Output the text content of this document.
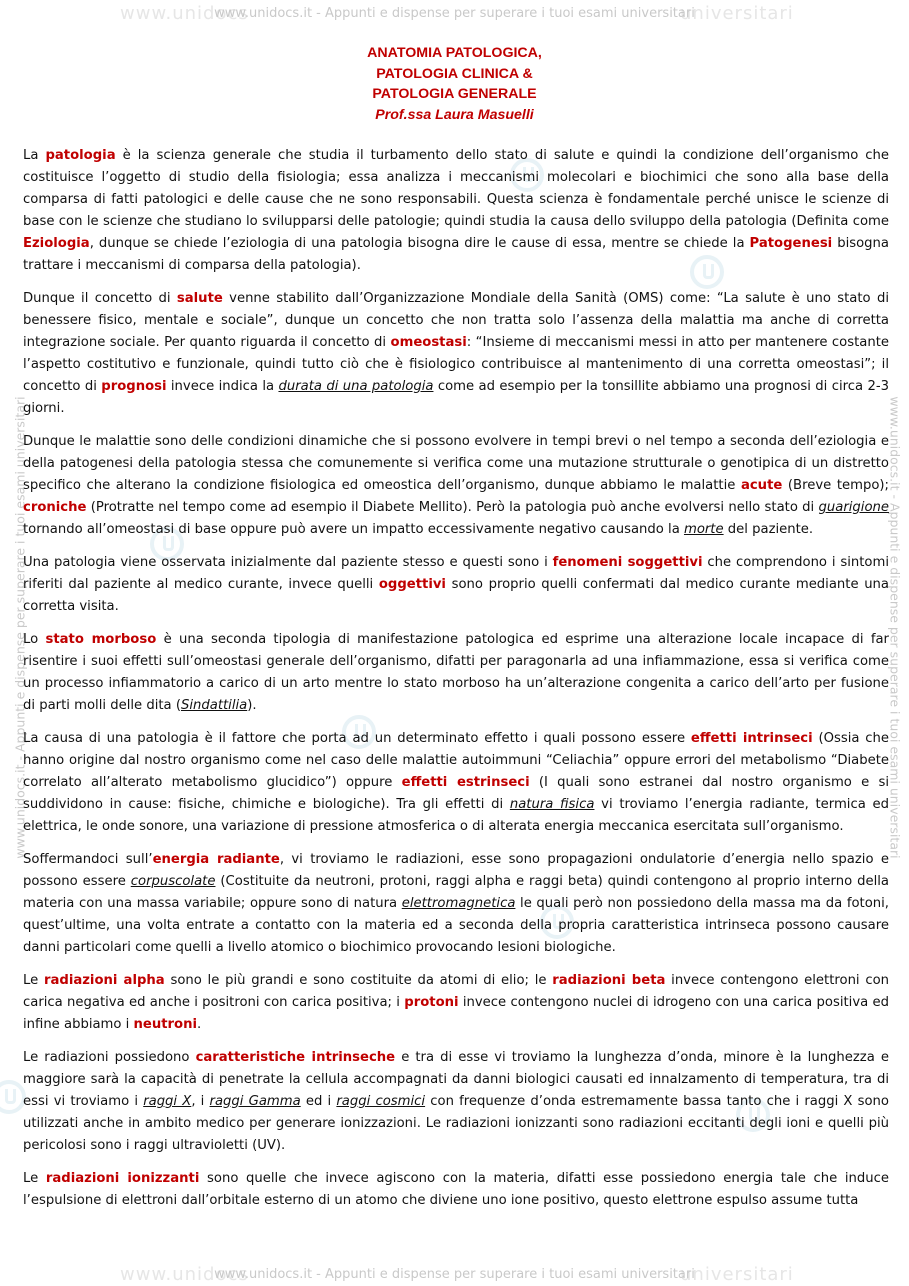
www.unidocs	universitari
www.unidocs.it - Appunti e dispense per superare i tuoi esami universitari
www.unidocs	universitari
www.unidocs.it - Appunti e dispense per superare i tuoi esami universitari
www.unidocs.it - Appunti e dispense per superare i tuoi esami universitari	www.unidocs.it - Appunti e dispense per superare i tuoi esami universitari
ANATOMIA PATOLOGICA,
PATOLOGIA CLINICA &
PATOLOGIA GENERALE
Prof.ssa Laura Masuelli

La patologia è la scienza generale che studia il turbamento dello stato di salute e quindi la condizione dell’organismo che costituisce l’oggetto di studio della fisiologia; essa analizza i meccanismi molecolari e biochimici che sono alla base della comparsa di fatti patologici e delle cause che ne sono responsabili. Questa scienza è fondamentale perché unisce le scienze di base con le scienze che studiano lo svilupparsi delle patologie; quindi studia la causa dello sviluppo della patologia (Definita come Eziologia, dunque se chiede l’eziologia di una patologia bisogna dire le cause di essa, mentre se chiede la Patogenesi bisogna trattare i meccanismi di comparsa della patologia).

Dunque il concetto di salute venne stabilito dall’Organizzazione Mondiale della Sanità (OMS) come: “La salute è uno stato di benessere fisico, mentale e sociale”, dunque un concetto che non tratta solo l’assenza della malattia ma anche di corretta integrazione sociale. Per quanto riguarda il concetto di omeostasi: “Insieme di meccanismi messi in atto per mantenere costante l’aspetto costitutivo e funzionale, quindi tutto ciò che è fisiologico contribuisce al mantenimento di una corretta omeostasi”; il concetto di prognosi invece indica la durata di una patologia come ad esempio per la tonsillite abbiamo una prognosi di circa 2-3 giorni.

Dunque le malattie sono delle condizioni dinamiche che si possono evolvere in tempi brevi o nel tempo a seconda dell’eziologia e della patogenesi della patologia stessa che comunemente si verifica come una mutazione strutturale o genotipica di un distretto specifico che alterano la condizione fisiologica ed omeostica dell’organismo, dunque abbiamo le malattie acute (Breve tempo); croniche (Protratte nel tempo come ad esempio il Diabete Mellito). Però la patologia può anche evolversi nello stato di guarigione tornando all’omeostasi di base oppure può avere un impatto eccessivamente negativo causando la morte del paziente.

Una patologia viene osservata inizialmente dal paziente stesso e questi sono i fenomeni soggettivi che comprendono i sintomi riferiti dal paziente al medico curante, invece quelli oggettivi sono proprio quelli confermati dal medico curante mediante una corretta visita.

Lo stato morboso è una seconda tipologia di manifestazione patologica ed esprime una alterazione locale incapace di far risentire i suoi effetti sull’omeostasi generale dell’organismo, difatti per paragonarla ad una infiammazione, essa si verifica come un processo infiammatorio a carico di un arto mentre lo stato morboso ha un’alterazione congenita a carico dell’arto per fusione di parti molli delle dita (Sindattilia).

La causa di una patologia è il fattore che porta ad un determinato effetto i quali possono essere effetti intrinseci (Ossia che hanno origine dal nostro organismo come nel caso delle malattie autoimmuni “Celiachia” oppure errori del metabolismo “Diabete correlato all’alterato metabolismo glucidico”) oppure effetti estrinseci (I quali sono estranei dal nostro organismo e si suddividono in cause: fisiche, chimiche e biologiche). Tra gli effetti di natura fisica vi troviamo l’energia radiante, termica ed elettrica, le onde sonore, una variazione di pressione atmosferica o di alterata energia meccanica esercitata sull’organismo.

Soffermandoci sull’energia radiante, vi troviamo le radiazioni, esse sono propagazioni ondulatorie d’energia nello spazio e possono essere corpuscolate (Costituite da neutroni, protoni, raggi alpha e raggi beta) quindi contengono al proprio interno della materia con una massa variabile; oppure sono di natura elettromagnetica le quali però non possiedono della massa ma da fotoni, quest’ultime, una volta entrate a contatto con la materia ed a seconda della propria caratteristica intrinseca possono causare danni particolari come quelli a livello atomico o biochimico provocando lesioni biologiche.

Le radiazioni alpha sono le più grandi e sono costituite da atomi di elio; le radiazioni beta invece contengono elettroni con carica negativa ed anche i positroni con carica positiva; i protoni invece contengono nuclei di idrogeno con una carica positiva ed infine abbiamo i neutroni.

Le radiazioni possiedono caratteristiche intrinseche e tra di esse vi troviamo la lunghezza d’onda, minore è la lunghezza e maggiore sarà la capacità di penetrate la cellula accompagnati da danni biologici causati ed innalzamento di temperatura, tra di essi vi troviamo i raggi X, i raggi Gamma ed i raggi cosmici con frequenze d’onda estremamente bassa tanto che i raggi X sono utilizzati anche in ambito medico per generare ionizzazioni. Le radiazioni ionizzanti sono radiazioni eccitanti degli ioni e quelli più pericolosi sono i raggi ultravioletti (UV).

Le radiazioni ionizzanti sono quelle che invece agiscono con la materia, difatti esse possiedono energia tale che induce l’espulsione di elettroni dall’orbitale esterno di un atomo che diviene uno ione positivo, questo elettrone espulso assume tutta
